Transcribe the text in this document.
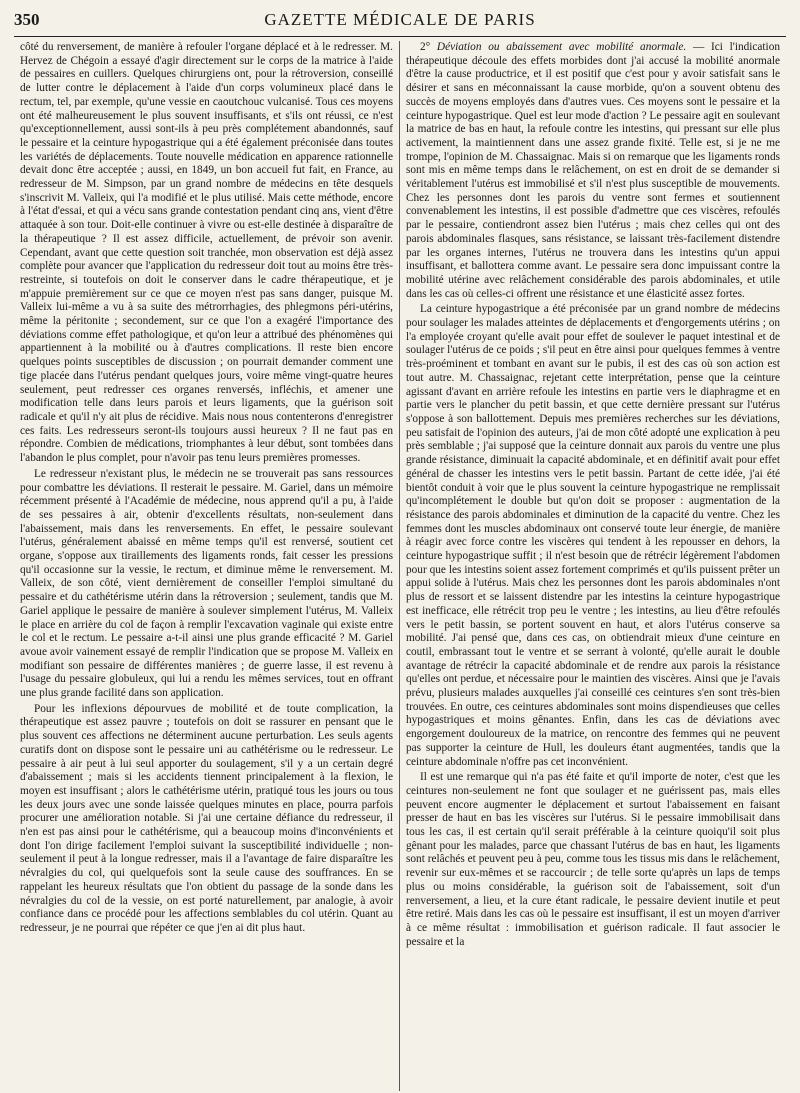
350	GAZETTE MÉDICALE DE PARIS

côté du renversement, de manière à refouler l'organe déplacé et à le redresser. M. Hervez de Chégoin a essayé d'agir directement sur le corps de la matrice à l'aide de pessaires en cuillers. Quelques chirurgiens ont, pour la rétroversion, conseillé de lutter contre le déplacement à l'aide d'un corps volumineux placé dans le rectum, tel, par exemple, qu'une vessie en caoutchouc vulcanisé. Tous ces moyens ont été malheureusement le plus souvent insuffisants, et s'ils ont réussi, ce n'est qu'exceptionnellement, aussi sont-ils à peu près complétement abandonnés, sauf le pessaire et la ceinture hypogastrique qui a été également préconisée dans toutes les variétés de déplacements. Toute nouvelle médication en apparence rationnelle devait donc être acceptée ; aussi, en 1849, un bon accueil fut fait, en France, au redresseur de M. Simpson, par un grand nombre de médecins en tête desquels s'inscrivit M. Valleix, qui l'a modifié et le plus utilisé. Mais cette méthode, encore à l'état d'essai, et qui a vécu sans grande contestation pendant cinq ans, vient d'être attaquée à son tour. Doit-elle continuer à vivre ou est-elle destinée à disparaître de la thérapeutique ? Il est assez difficile, actuellement, de prévoir son avenir. Cependant, avant que cette question soit tranchée, mon observation est déjà assez complète pour avancer que l'application du redresseur doit tout au moins être très-restreinte, si toutefois on doit le conserver dans le cadre thérapeutique, et je m'appuie premièrement sur ce que ce moyen n'est pas sans danger, puisque M. Valleix lui-même a vu à sa suite des métrorrhagies, des phlegmons péri-utérins, même la péritonite ; secondement, sur ce que l'on a exagéré l'importance des déviations comme effet pathologique, et qu'on leur a attribué des phénomènes qui appartiennent à la mobilité ou à d'autres complications. Il reste bien encore quelques points susceptibles de discussion ; on pourrait demander comment une tige placée dans l'utérus pendant quelques jours, voire même vingt-quatre heures seulement, peut redresser ces organes renversés, infléchis, et amener une modification telle dans leurs parois et leurs ligaments, que la guérison soit radicale et qu'il n'y ait plus de récidive. Mais nous nous contenterons d'enregistrer ces faits. Les redresseurs seront-ils toujours aussi heureux ? Il ne faut pas en répondre. Combien de médications, triomphantes à leur début, sont tombées dans l'abandon le plus complet, pour n'avoir pas tenu leurs premières promesses.

Le redresseur n'existant plus, le médecin ne se trouverait pas sans ressources pour combattre les déviations. Il resterait le pessaire. M. Gariel, dans un mémoire récemment présenté à l'Académie de médecine, nous apprend qu'il a pu, à l'aide de ses pessaires à air, obtenir d'excellents résultats, non-seulement dans l'abaissement, mais dans les renversements. En effet, le pessaire soulevant l'utérus, généralement abaissé en même temps qu'il est renversé, soutient cet organe, s'oppose aux tiraillements des ligaments ronds, fait cesser les pressions qu'il occasionne sur la vessie, le rectum, et diminue même le renversement. M. Valleix, de son côté, vient dernièrement de conseiller l'emploi simultané du pessaire et du cathétérisme utérin dans la rétroversion ; seulement, tandis que M. Gariel applique le pessaire de manière à soulever simplement l'utérus, M. Valleix le place en arrière du col de façon à remplir l'excavation vaginale qui existe entre le col et le rectum. Le pessaire a-t-il ainsi une plus grande efficacité ? M. Gariel avoue avoir vainement essayé de remplir l'indication que se propose M. Valleix en modifiant son pessaire de différentes manières ; de guerre lasse, il est revenu à l'usage du pessaire globuleux, qui lui a rendu les mêmes services, tout en offrant une plus grande facilité dans son application.

Pour les inflexions dépourvues de mobilité et de toute complication, la thérapeutique est assez pauvre ; toutefois on doit se rassurer en pensant que le plus souvent ces affections ne déterminent aucune perturbation. Les seuls agents curatifs dont on dispose sont le pessaire uni au cathétérisme ou le redresseur. Le pessaire à air peut à lui seul apporter du soulagement, s'il y a un certain degré d'abaissement ; mais si les accidents tiennent principalement à la flexion, le moyen est insuffisant ; alors le cathétérisme utérin, pratiqué tous les jours ou tous les deux jours avec une sonde laissée quelques minutes en place, pourra parfois procurer une amélioration notable. Si j'ai une certaine défiance du redresseur, il n'en est pas ainsi pour le cathétérisme, qui a beaucoup moins d'inconvénients et dont l'on dirige facilement l'emploi suivant la susceptibilité individuelle ; non-seulement il peut à la longue redresser, mais il a l'avantage de faire disparaître les névralgies du col, qui quelquefois sont la seule cause des souffrances. En se rappelant les heureux résultats que l'on obtient du passage de la sonde dans les névralgies du col de la vessie, on est porté naturellement, par analogie, à avoir confiance dans ce procédé pour les affections semblables du col utérin. Quant au redresseur, je ne pourrai que répéter ce que j'en ai dit plus haut.

2° Déviation ou abaissement avec mobilité anormale. — Ici l'indication thérapeutique découle des effets morbides dont j'ai accusé la mobilité anormale d'être la cause productrice, et il est positif que c'est pour y avoir satisfait sans le désirer et sans en méconnaissant la cause morbide, qu'on a souvent obtenu des succès de moyens employés dans d'autres vues. Ces moyens sont le pessaire et la ceinture hypogastrique. Quel est leur mode d'action ? Le pessaire agit en soulevant la matrice de bas en haut, la refoule contre les intestins, qui pressant sur elle plus activement, la maintiennent dans une assez grande fixité. Telle est, si je ne me trompe, l'opinion de M. Chassaignac. Mais si on remarque que les ligaments ronds sont mis en même temps dans le relâchement, on est en droit de se demander si véritablement l'utérus est immobilisé et s'il n'est plus susceptible de mouvements. Chez les personnes dont les parois du ventre sont fermes et soutiennent convenablement les intestins, il est possible d'admettre que ces viscères, refoulés par le pessaire, contiendront assez bien l'utérus ; mais chez celles qui ont des parois abdominales flasques, sans résistance, se laissant très-facilement distendre par les organes internes, l'utérus ne trouvera dans les intestins qu'un appui insuffisant, et ballottera comme avant. Le pessaire sera donc impuissant contre la mobilité utérine avec relâchement considérable des parois abdominales, et utile dans les cas où celles-ci offrent une résistance et une élasticité assez fortes.

La ceinture hypogastrique a été préconisée par un grand nombre de médecins pour soulager les malades atteintes de déplacements et d'engorgements utérins ; on l'a employée croyant qu'elle avait pour effet de soulever le paquet intestinal et de soulager l'utérus de ce poids ; s'il peut en être ainsi pour quelques femmes à ventre très-proéminent et tombant en avant sur le pubis, il est des cas où son action est tout autre. M. Chassaignac, rejetant cette interprétation, pense que la ceinture agissant d'avant en arrière refoule les intestins en partie vers le diaphragme et en partie vers le plancher du petit bassin, et que cette dernière pressant sur l'utérus s'oppose à son ballottement. Depuis mes premières recherches sur les déviations, peu satisfait de l'opinion des auteurs, j'ai de mon côté adopté une explication à peu près semblable ; j'ai supposé que la ceinture donnait aux parois du ventre une plus grande résistance, diminuait la capacité abdominale, et en définitif avait pour effet général de chasser les intestins vers le petit bassin. Partant de cette idée, j'ai été bientôt conduit à voir que le plus souvent la ceinture hypogastrique ne remplissait qu'incomplétement le double but qu'on doit se proposer : augmentation de la résistance des parois abdominales et diminution de la capacité du ventre. Chez les femmes dont les muscles abdominaux ont conservé toute leur énergie, de manière à réagir avec force contre les viscères qui tendent à les repousser en dehors, la ceinture hypogastrique suffit ; il n'est besoin que de rétrécir légèrement l'abdomen pour que les intestins soient assez fortement comprimés et qu'ils puissent prêter un appui solide à l'utérus. Mais chez les personnes dont les parois abdominales n'ont plus de ressort et se laissent distendre par les intestins la ceinture hypogastrique est inefficace, elle rétrécit trop peu le ventre ; les intestins, au lieu d'être refoulés vers le petit bassin, se portent souvent en haut, et alors l'utérus conserve sa mobilité. J'ai pensé que, dans ces cas, on obtiendrait mieux d'une ceinture en coutil, embrassant tout le ventre et se serrant à volonté, qu'elle aurait le double avantage de rétrécir la capacité abdominale et de rendre aux parois la résistance qu'elles ont perdue, et nécessaire pour le maintien des viscères. Ainsi que je l'avais prévu, plusieurs malades auxquelles j'ai conseillé ces ceintures s'en sont très-bien trouvées. En outre, ces ceintures abdominales sont moins dispendieuses que celles hypogastriques et moins gênantes. Enfin, dans les cas de déviations avec engorgement douloureux de la matrice, on rencontre des femmes qui ne peuvent pas supporter la ceinture de Hull, les douleurs étant augmentées, tandis que la ceinture abdominale n'offre pas cet inconvénient.

Il est une remarque qui n'a pas été faite et qu'il importe de noter, c'est que les ceintures non-seulement ne font que soulager et ne guérissent pas, mais elles peuvent encore augmenter le déplacement et surtout l'abaissement en faisant presser de haut en bas les viscères sur l'utérus. Si le pessaire immobilisait dans tous les cas, il est certain qu'il serait préférable à la ceinture quoiqu'il soit plus gênant pour les malades, parce que chassant l'utérus de bas en haut, les ligaments sont relâchés et peuvent peu à peu, comme tous les tissus mis dans le relâchement, revenir sur eux-mêmes et se raccourcir ; de telle sorte qu'après un laps de temps plus ou moins considérable, la guérison soit de l'abaissement, soit d'un renversement, a lieu, et la cure étant radicale, le pessaire devient inutile et peut être retiré. Mais dans les cas où le pessaire est insuffisant, il est un moyen d'arriver à ce même résultat : immobilisation et guérison radicale. Il faut associer le pessaire et la
